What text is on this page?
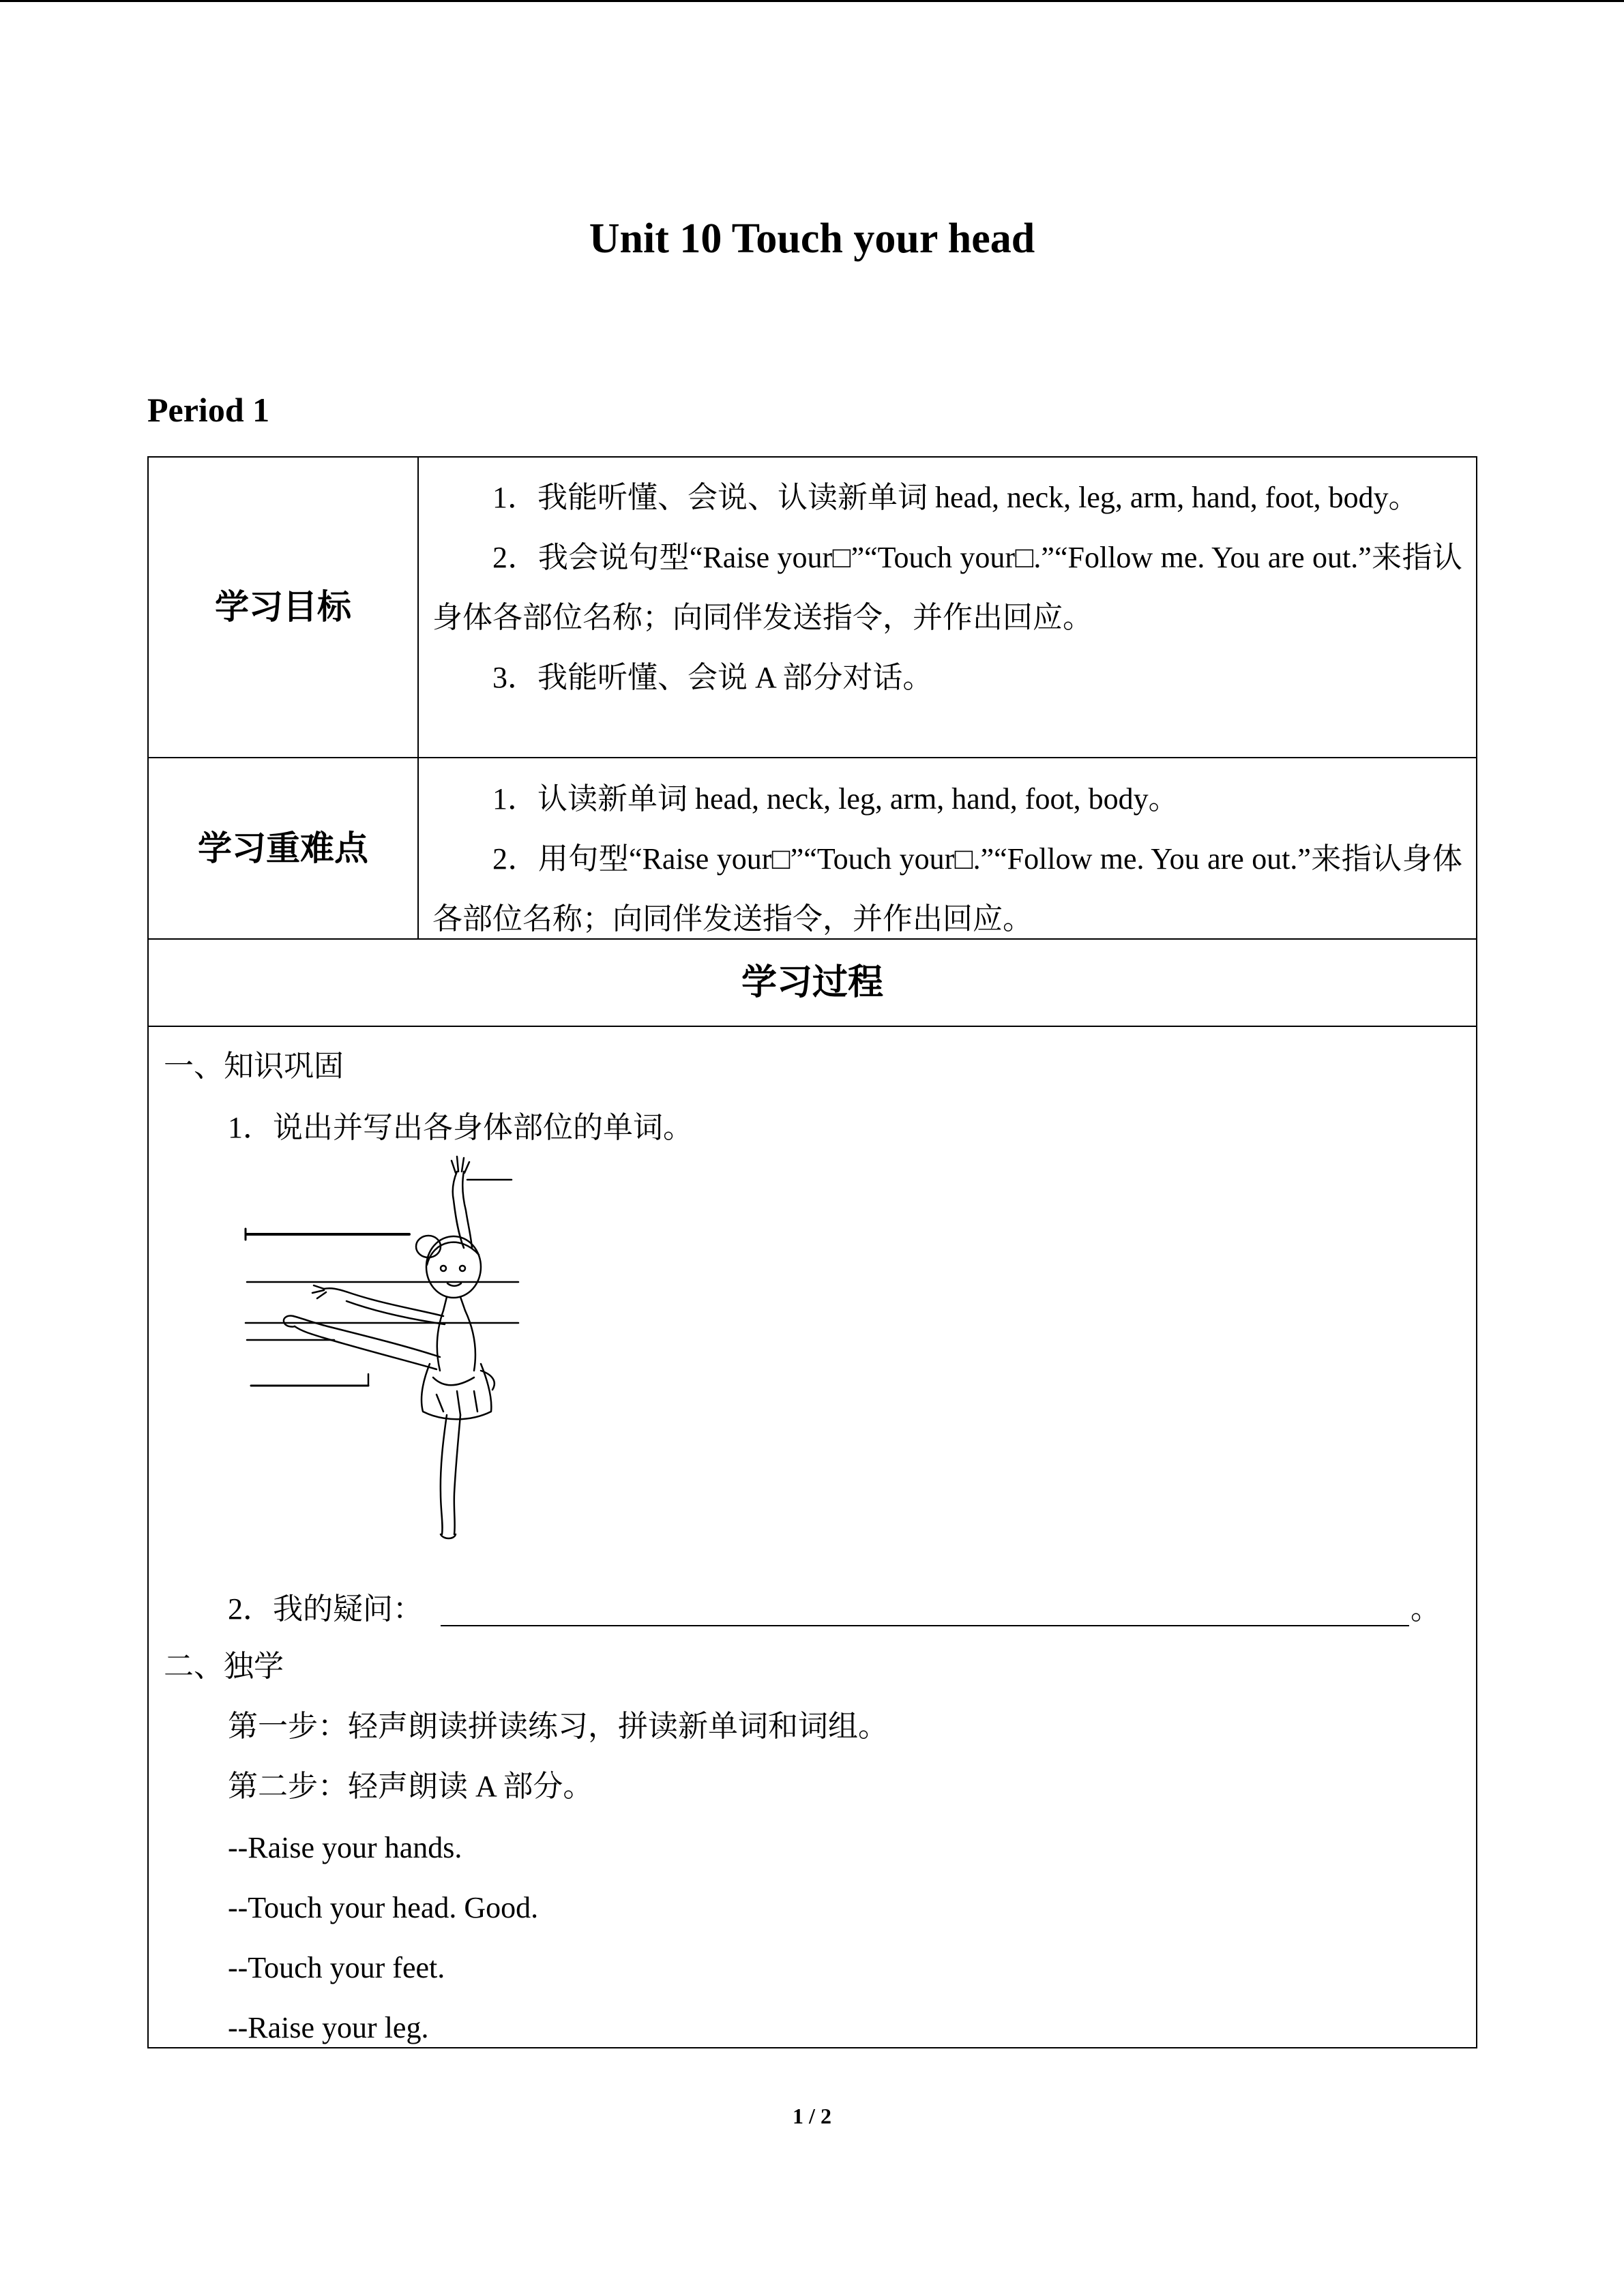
Unit 10 Touch your head
Period 1
学习目标

1．我能听懂、会说、认读新单词 head, neck, leg, arm, hand, foot, body。

2．我会说句型“Raise your□”“Touch your□.”“Follow me. You are out.”来指认身体各部位名称；向同伴发送指令，并作出回应。

3．我能听懂、会说 A 部分对话。

学习重难点

1．认读新单词 head, neck, leg, arm, hand, foot, body。

2．用句型“Raise your□”“Touch your□.”“Follow me. You are out.”来指认身体各部位名称；向同伴发送指令，并作出回应。

学习过程
一、知识巩固
1．说出并写出各身体部位的单词。
2．我的疑问：	。
二、独学
第一步：轻声朗读拼读练习，拼读新单词和词组。
第二步：轻声朗读 A 部分。
--Raise your hands.
--Touch your head. Good.
--Touch your feet.
--Raise your leg.
1 / 2
